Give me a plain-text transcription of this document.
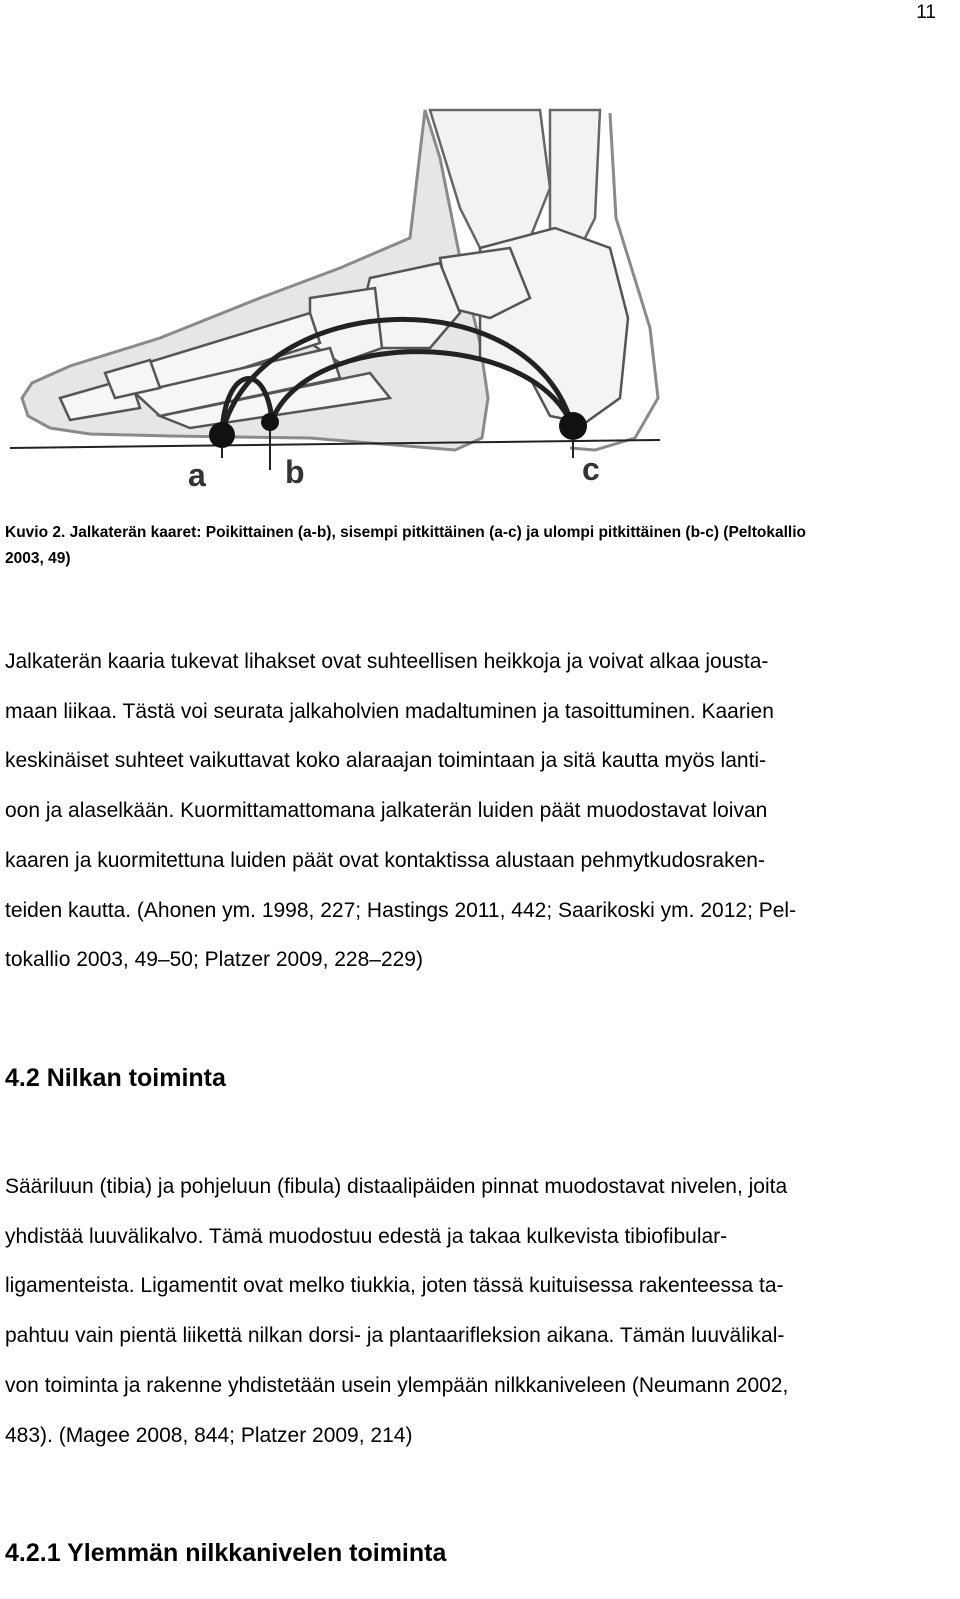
11
a b	c
Kuvio 2. Jalkaterän kaaret: Poikittainen (a-b), sisempi pitkittäinen (a-c) ja ulompi pitkittäinen (b-c) (Peltokallio
2003, 49)
Jalkaterän kaaria tukevat lihakset ovat suhteellisen heikkoja ja voivat alkaa jousta-
maan liikaa. Tästä voi seurata jalkaholvien madaltuminen ja tasoittuminen. Kaarien
keskinäiset suhteet vaikuttavat koko alaraajan toimintaan ja sitä kautta myös lanti-
oon ja alaselkään. Kuormittamattomana jalkaterän luiden päät muodostavat loivan
kaaren ja kuormitettuna luiden päät ovat kontaktissa alustaan pehmytkudosraken-
teiden kautta. (Ahonen ym. 1998, 227; Hastings 2011, 442; Saarikoski ym. 2012; Pel-
tokallio 2003, 49–50; Platzer 2009, 228–229)
4.2 Nilkan toiminta
Sääriluun (tibia) ja pohjeluun (fibula) distaalipäiden pinnat muodostavat nivelen, joita
yhdistää luuvälikalvo. Tämä muodostuu edestä ja takaa kulkevista tibiofibular-
ligamenteista. Ligamentit ovat melko tiukkia, joten tässä kuituisessa rakenteessa ta-
pahtuu vain pientä liikettä nilkan dorsi- ja plantaarifleksion aikana. Tämän luuvälikal-
von toiminta ja rakenne yhdistetään usein ylempään nilkkaniveleen (Neumann 2002,
483). (Magee 2008, 844; Platzer 2009, 214)
4.2.1 Ylemmän nilkkanivelen toiminta
